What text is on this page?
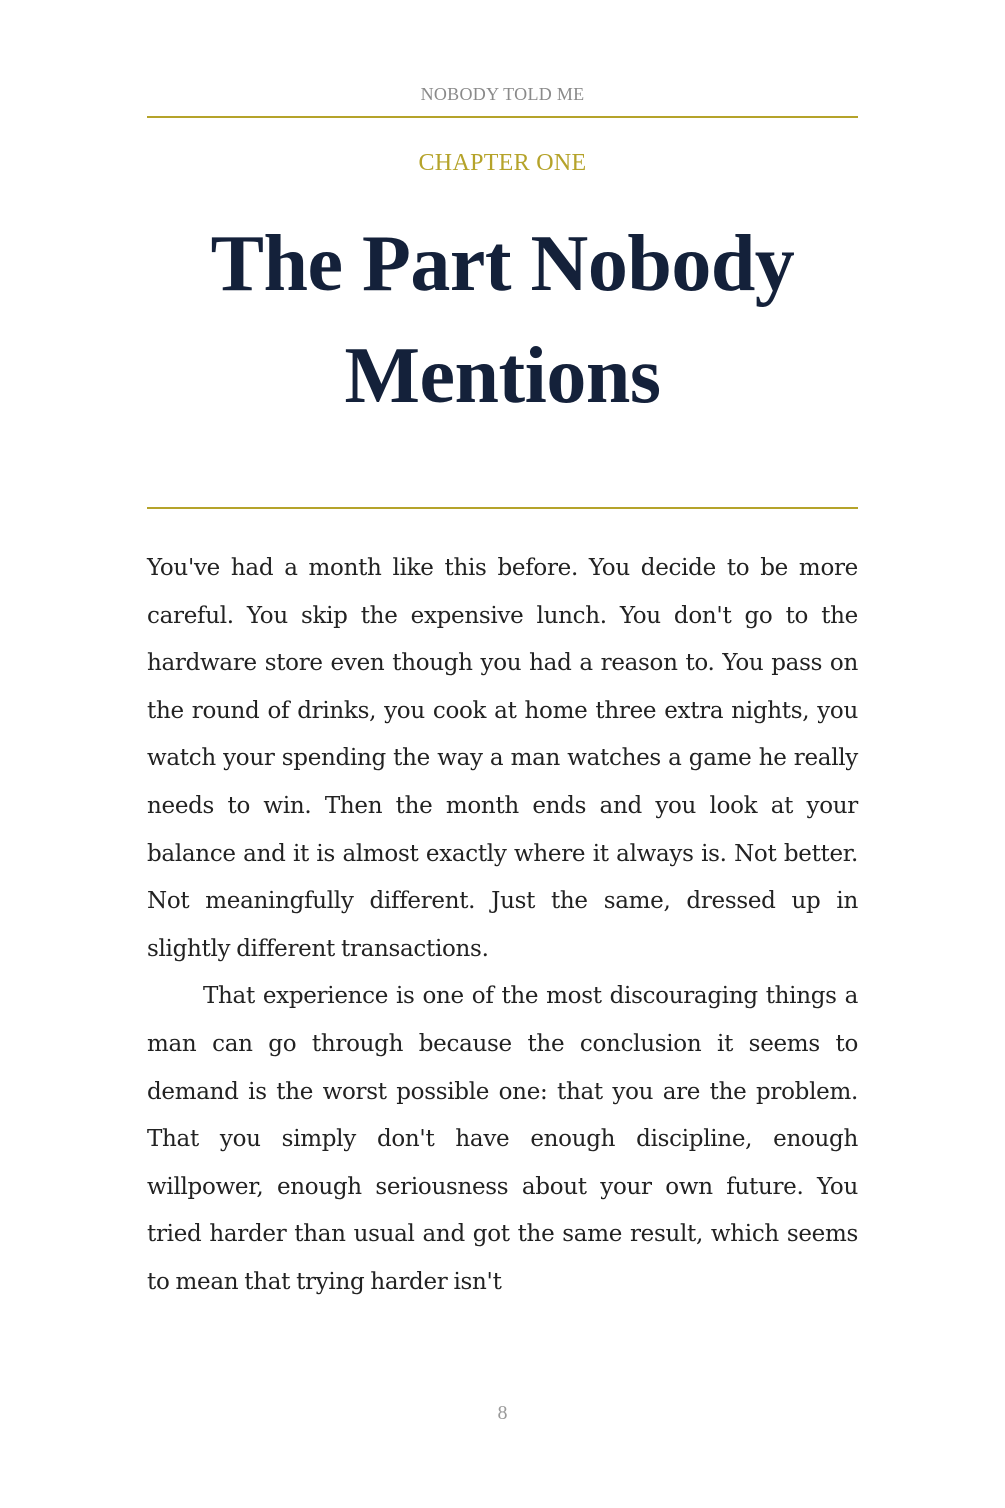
NOBODY TOLD ME
CHAPTER ONE
The Part Nobody Mentions

You've had a month like this before. You decide to be more careful. You skip the expensive lunch. You don't go to the hardware store even though you had a reason to. You pass on the round of drinks, you cook at home three extra nights, you watch your spending the way a man watches a game he really needs to win. Then the month ends and you look at your balance and it is almost exactly where it always is. Not better. Not meaningfully different. Just the same, dressed up in slightly different transactions.

That experience is one of the most discouraging things a man can go through because the conclusion it seems to demand is the worst possible one: that you are the problem. That you simply don't have enough discipline, enough willpower, enough seriousness about your own future. You tried harder than usual and got the same result, which seems to mean that trying harder isn't

8
